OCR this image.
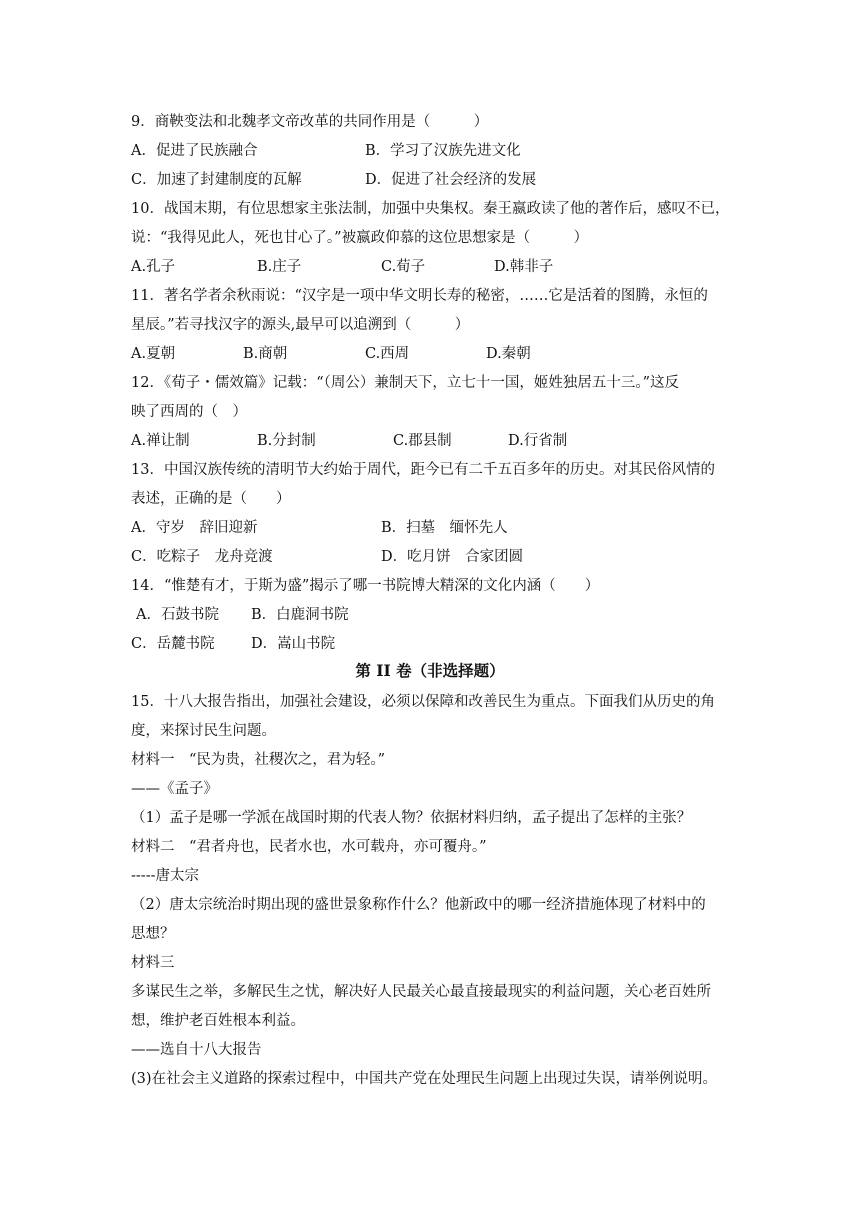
9．商鞅变法和北魏孝文帝改革的共同作用是（　　　）
A．促进了民族融合	B．学习了汉族先进文化
C．加速了封建制度的瓦解	D．促进了社会经济的发展
10．战国末期，有位思想家主张法制，加强中央集权。秦王嬴政读了他的著作后，感叹不已，
说：“我得见此人，死也甘心了。”被嬴政仰慕的这位思想家是（　　　）
A.孔子	B.庄子	C.荀子	D.韩非子
11．著名学者余秋雨说：“汉字是一项中华文明长寿的秘密，……它是活着的图腾，永恒的
星辰。”若寻找汉字的源头,最早可以追溯到（　　　）
A.夏朝	B.商朝	C.西周	D.秦朝
12．《荀子・儒效篇》记载：“（周公）兼制天下，立七十一国，姬姓独居五十三。”这反
映了西周的（　）
A.禅让制	B.分封制	C.郡县制	D.行省制
13．中国汉族传统的清明节大约始于周代，距今已有二千五百多年的历史。对其民俗风情的
表述，正确的是（　　）
A．守岁　辞旧迎新	B．扫墓　缅怀先人
C．吃粽子　龙舟竞渡	D．吃月饼　合家团圆
14．“惟楚有才，于斯为盛”揭示了哪一书院博大精深的文化内涵（　　）
A．石鼓书院 B．白鹿洞书院
C．岳麓书院	D．嵩山书院
第 II 卷（非选择题）
15．十八大报告指出，加强社会建设，必须以保障和改善民生为重点。下面我们从历史的角
度，来探讨民生问题。
材料一　“民为贵，社稷次之，君为轻。”
——《孟子》
（1）孟子是哪一学派在战国时期的代表人物？依据材料归纳，孟子提出了怎样的主张？
材料二　“君者舟也，民者水也，水可载舟，亦可覆舟。”
-----唐太宗
（2）唐太宗统治时期出现的盛世景象称作什么？他新政中的哪一经济措施体现了材料中的
思想？
材料三
多谋民生之举，多解民生之忧，解决好人民最关心最直接最现实的利益问题，关心老百姓所
想，维护老百姓根本利益。
——选自十八大报告
(3)在社会主义道路的探索过程中，中国共产党在处理民生问题上出现过失误，请举例说明。
